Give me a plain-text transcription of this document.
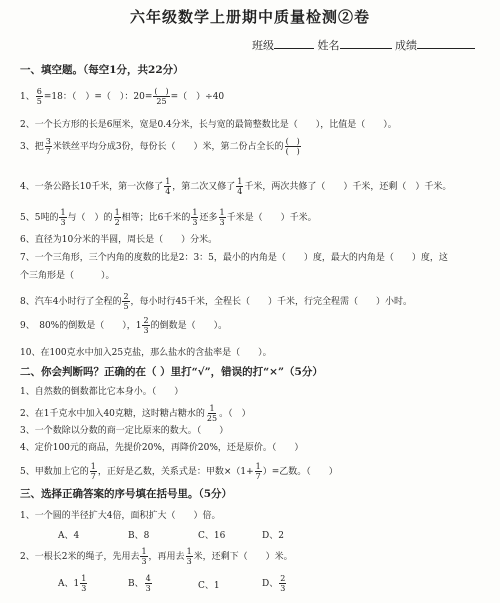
六年级数学上册期中质量检测②卷
班级	姓名	成绩
一、填空题。（每空1分，共22分）
1、 $\frac{6}{5} =18$：（　）=（　）：$20= \frac{( )}{25}$ =（　）÷40
2、一个长方形的长是6厘米，宽是0.4分米，长与宽的最简整数比是（　　），比值是（　　）。
3、把 $\frac{3}{7}$ 米铁丝平均分成3份，每份长（　　）米，第二份占全长的 $\frac{( )}{( )}$
4、一条公路长10千米，第一次修了 $\frac{1}{4}$ ，第二次又修了 $\frac{1}{4}$ 千米，两次共修了（　　）千米，还剩（　）千米。
5、5吨的 $\frac{1}{3}$ 与（　）的 $\frac{1}{2}$ 相等；比6千米的 $\frac{1}{3}$ 还多 $\frac{1}{3}$ 千米是（　　）千米。
6、直径为10分米的半圆，周长是（　　）分米。
7、一个三角形，三个内角的度数的比是2：3：5，最小的内角是（　　）度，最大的内角是（　　）度，这
个三角形是（　　　）。
8、汽车4小时行了全程的 $\frac{2}{5}$ ，每小时行45千米，全程长（　　）千米，行完全程需（　　）小时。
9、　80%的倒数是（　　），$1 \frac{2}{3}$ 的倒数是（　　）。
10、在100克水中加入25克盐，那么盐水的含盐率是（　　）。
二、你会判断吗？正确的在（ ）里打“√”，错误的打“×”（5分）
1、自然数的倒数都比它本身小。（　　）
2、在1千克水中加入40克糖，这时糖占糖水的 $\frac{1}{25}$ 。（　）
3、一个数除以分数的商一定比原来的数大。（　　）
4、定价100元的商品，先提价20%，再降价20%，还是原价。（　　）
5、甲数加上它的 $\frac{1}{7}$ ，正好是乙数，关系式是：甲数$\times(1+ \frac{1}{7}$ ）=乙数。（　　）
三、选择正确答案的序号填在括号里。（5分）
1、一个圆的半径扩大4倍，面积扩大（　　）倍。
A、4	B、8	C、16	D、2
2、一根长2米的绳子，先用去 $\frac{1}{3}$ ，再用去 $\frac{1}{3}$ 米，还剩下（　　）米。
A、$1 \frac{1}{3}$	B、 $\frac{4}{3}$	C、1	D、 $\frac{2}{3}$
